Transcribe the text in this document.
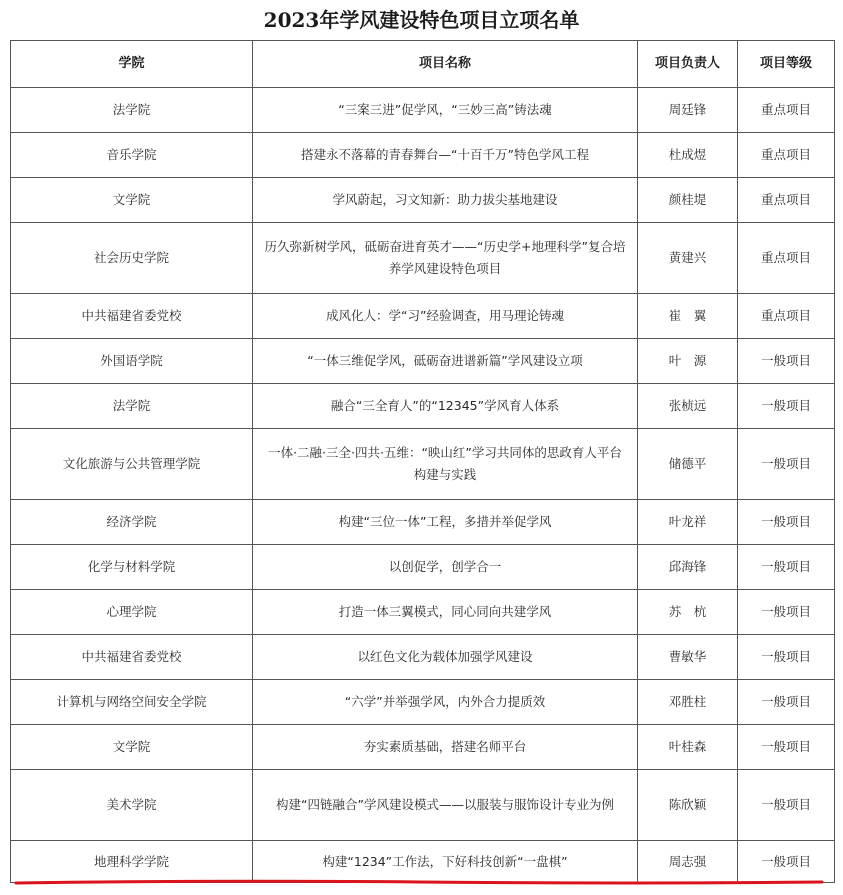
2023年学风建设特色项目立项名单
学院	项目名称	项目负责人	项目等级
法学院	“三案三进”促学风，“三妙三高”铸法魂	周廷锋	重点项目
音乐学院	搭建永不落幕的青春舞台—“十百千万”特色学风工程	杜成煜	重点项目
文学院	学风蔚起，习文知新：助力拔尖基地建设	颜桂堤	重点项目
社会历史学院	历久弥新树学风，砥砺奋进育英才——“历史学+地理科学”复合培养学风建设特色项目	黄建兴	重点项目
中共福建省委党校	成风化人：学“习”经验调查，用马理论铸魂	崔　翼	重点项目
外国语学院	“一体三维促学风，砥砺奋进谱新篇”学风建设立项	叶　源	一般项目
法学院	融合“三全育人”的“12345”学风育人体系	张桢远	一般项目
文化旅游与公共管理学院	一体·二融·三全·四共·五维：“映山红”学习共同体的思政育人平台构建与实践	储德平	一般项目
经济学院	构建“三位一体”工程，多措并举促学风	叶龙祥	一般项目
化学与材料学院	以创促学，创学合一	邱海锋	一般项目
心理学院	打造一体三翼模式，同心同向共建学风	苏　杭	一般项目
中共福建省委党校	以红色文化为载体加强学风建设	曹敏华	一般项目
计算机与网络空间安全学院	“六学”并举强学风，内外合力提质效	邓胜柱	一般项目
文学院	夯实素质基础，搭建名师平台	叶桂森	一般项目
美术学院	构建“四链融合”学风建设模式——以服装与服饰设计专业为例	陈欣颖	一般项目
地理科学学院	构建“1234”工作法，下好科技创新“一盘棋”	周志强	一般项目
